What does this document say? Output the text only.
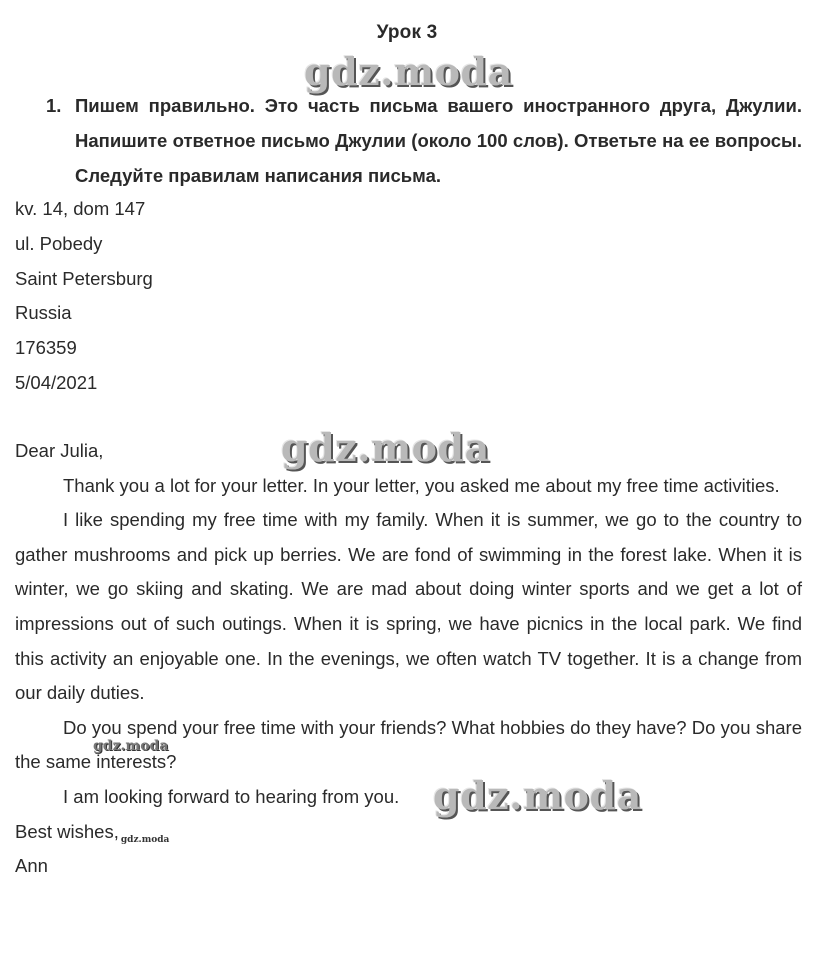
Урок 3
1. Пишем правильно. Это часть письма вашего иностранного друга, Джулии. Напишите ответное письмо Джулии (около 100 слов). Ответьте на ее вопросы. Следуйте правилам написания письма.
kv. 14, dom 147
ul. Pobedy
Saint Petersburg
Russia
176359
5/04/2021

Dear Julia,

Thank you a lot for your letter. In your letter, you asked me about my free time activities.

I like spending my free time with my family. When it is summer, we go to the country to gather mushrooms and pick up berries. We are fond of swimming in the forest lake. When it is winter, we go skiing and skating. We are mad about doing winter sports and we get a lot of impressions out of such outings. When it is spring, we have picnics in the local park. We find this activity an enjoyable one. In the evenings, we often watch TV together. It is a change from our daily duties.

Do you spend your free time with your friends? What hobbies do they have? Do you share the same interests?

I am looking forward to hearing from you.

Best wishes, $_{gdz.moda}$

Ann

gdz.moda
gdz.moda
gdz.moda
gdz.moda
